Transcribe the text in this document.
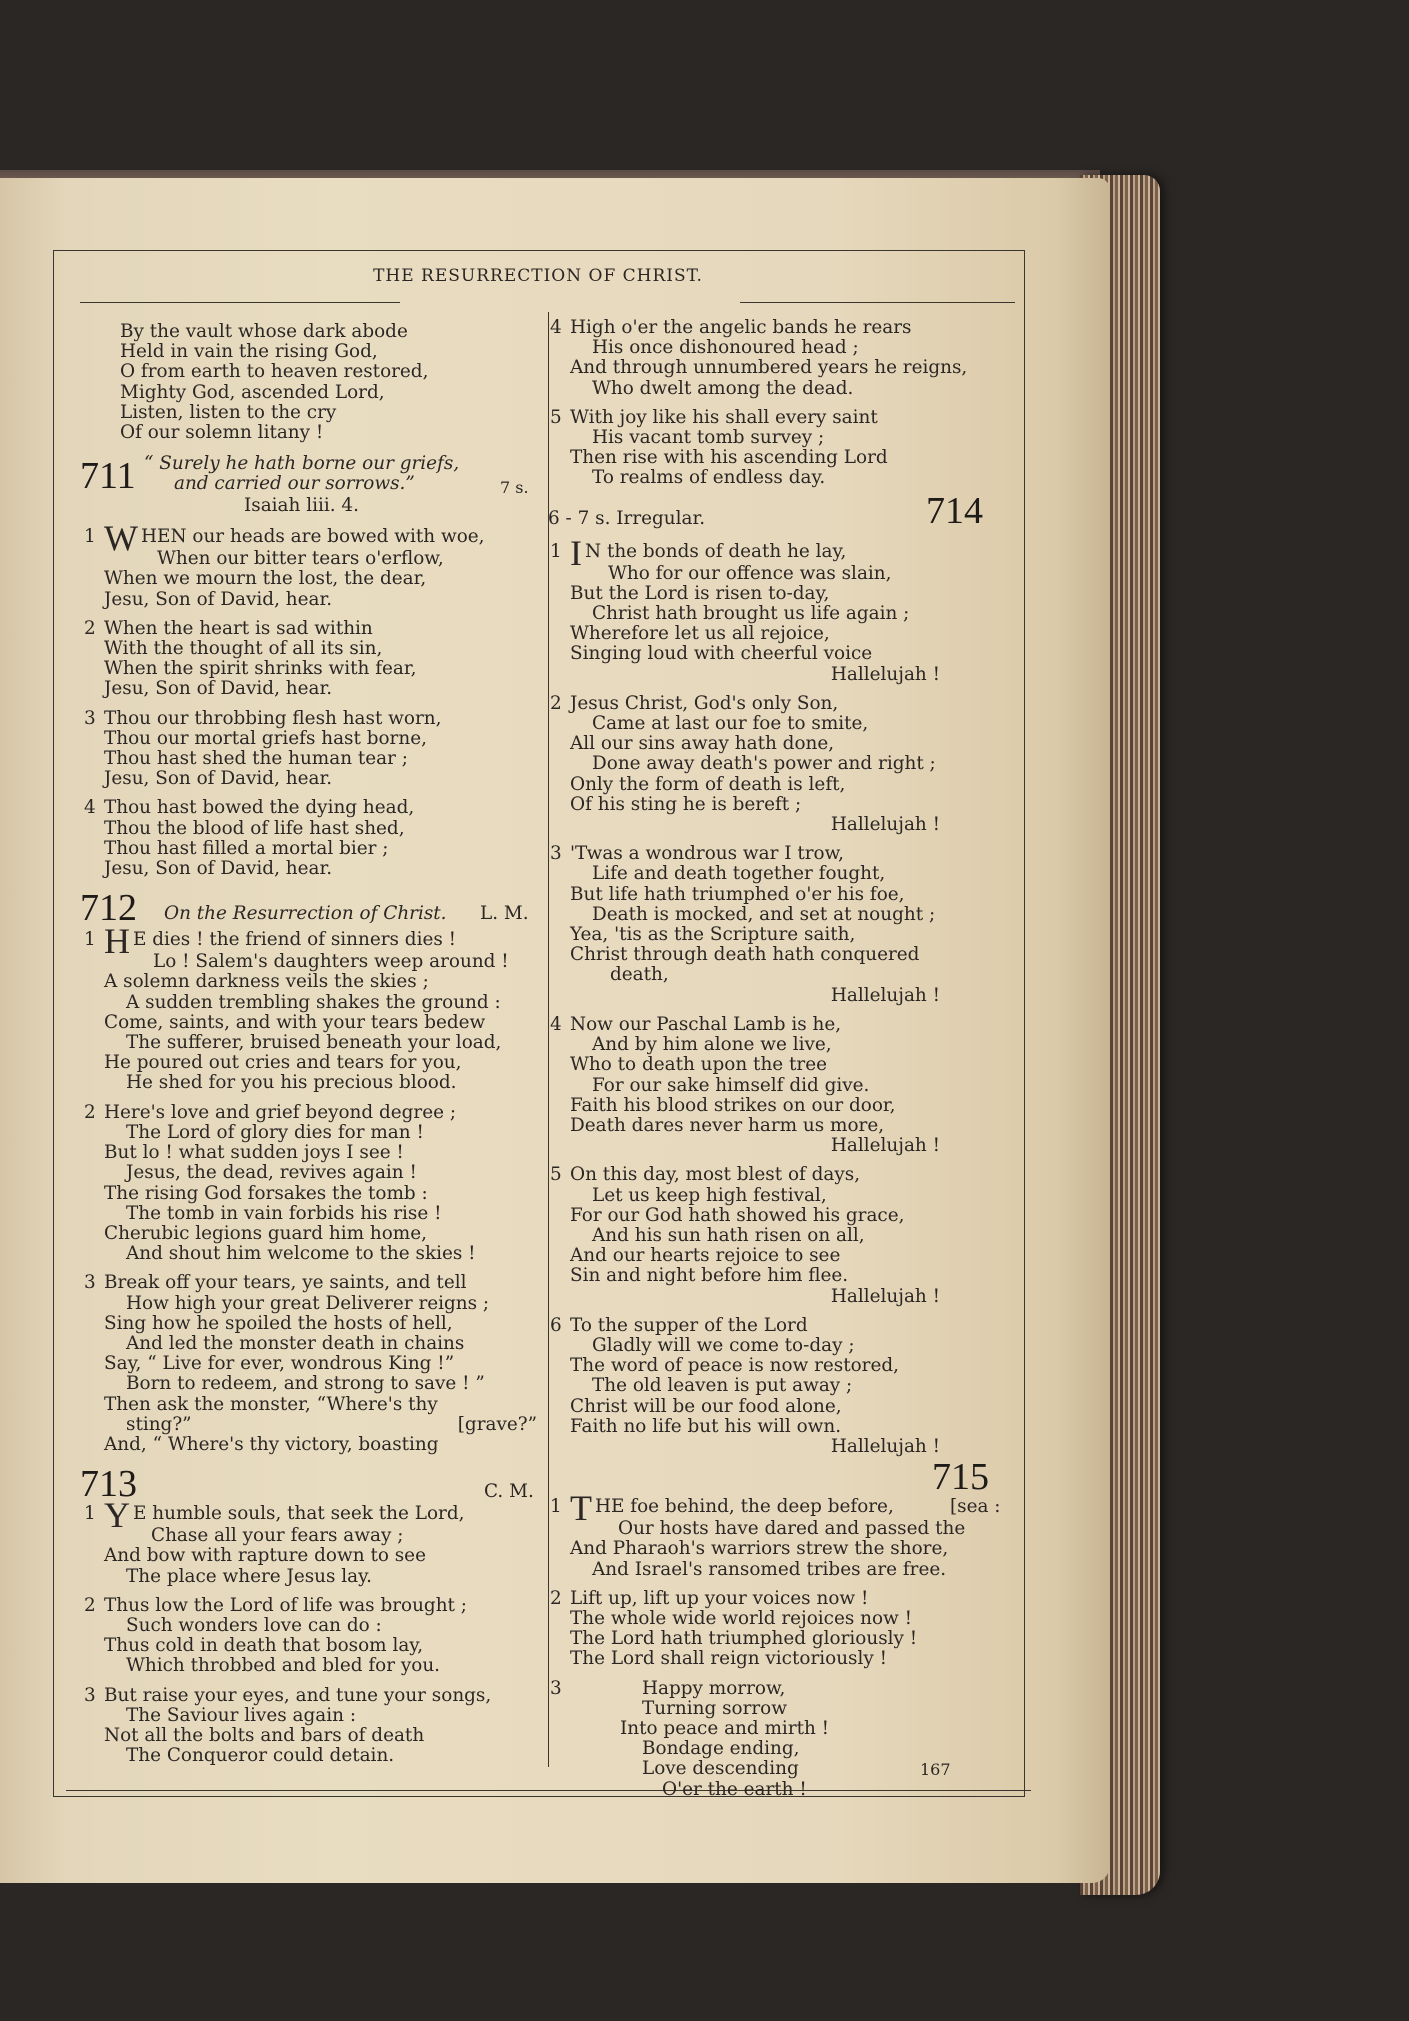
THE RESURRECTION OF CHRIST.
By the vault whose dark abode
Held in vain the rising God,
O from earth to heaven restored,
Mighty God, ascended Lord,
Listen, listen to the cry
Of our solemn litany !
711 “ Surely he hath borne our griefs,
and carried our sorrows.”	7 s.
Isaiah liii. 4.
1 W HEN our heads are bowed with woe,
When our bitter tears o'erflow,
When we mourn the lost, the dear,
Jesu, Son of David, hear.
2 When the heart is sad within
With the thought of all its sin,
When the spirit shrinks with fear,
Jesu, Son of David, hear.
3 Thou our throbbing flesh hast worn,
Thou our mortal griefs hast borne,
Thou hast shed the human tear ;
Jesu, Son of David, hear.
4 Thou hast bowed the dying head,
Thou the blood of life hast shed,
Thou hast filled a mortal bier ;
Jesu, Son of David, hear.
712 On the Resurrection of Christ. L. M.
1 H E dies ! the friend of sinners dies !
Lo ! Salem's daughters weep around !
A solemn darkness veils the skies ;
A sudden trembling shakes the ground :
Come, saints, and with your tears bedew
The sufferer, bruised beneath your load,
He poured out cries and tears for you,
He shed for you his precious blood.
2 Here's love and grief beyond degree ;
The Lord of glory dies for man !
But lo ! what sudden joys I see !
Jesus, the dead, revives again !
The rising God forsakes the tomb :
The tomb in vain forbids his rise !
Cherubic legions guard him home,
And shout him welcome to the skies !
3 Break off your tears, ye saints, and tell
How high your great Deliverer reigns ;
Sing how he spoiled the hosts of hell,
And led the monster death in chains
Say, “ Live for ever, wondrous King !”
Born to redeem, and strong to save ! ”
Then ask the monster, “Where's thy
sting?”	[grave?”
And, “ Where's thy victory, boasting
713	C. M.
1 Y E humble souls, that seek the Lord,
Chase all your fears away ;
And bow with rapture down to see
The place where Jesus lay.
2 Thus low the Lord of life was brought ;
Such wonders love can do :
Thus cold in death that bosom lay,
Which throbbed and bled for you.
3 But raise your eyes, and tune your songs,
The Saviour lives again :
Not all the bolts and bars of death
The Conqueror could detain.
4 High o'er the angelic bands he rears
His once dishonoured head ;
And through unnumbered years he reigns,
Who dwelt among the dead.
5 With joy like his shall every saint
His vacant tomb survey ;
Then rise with his ascending Lord
To realms of endless day.
6 - 7 s. Irregular.	714
1 I N the bonds of death he lay,
Who for our offence was slain,
But the Lord is risen to-day,
Christ hath brought us life again ;
Wherefore let us all rejoice,
Singing loud with cheerful voice
Hallelujah !
2 Jesus Christ, God's only Son,
Came at last our foe to smite,
All our sins away hath done,
Done away death's power and right ;
Only the form of death is left,
Of his sting he is bereft ;
Hallelujah !
3 'Twas a wondrous war I trow,
Life and death together fought,
But life hath triumphed o'er his foe,
Death is mocked, and set at nought ;
Yea, 'tis as the Scripture saith,
Christ through death hath conquered
death,
Hallelujah !
4 Now our Paschal Lamb is he,
And by him alone we live,
Who to death upon the tree
For our sake himself did give.
Faith his blood strikes on our door,
Death dares never harm us more,
Hallelujah !
5 On this day, most blest of days,
Let us keep high festival,
For our God hath showed his grace,
And his sun hath risen on all,
And our hearts rejoice to see
Sin and night before him flee.
Hallelujah !
6 To the supper of the Lord
Gladly will we come to-day ;
The word of peace is now restored,
The old leaven is put away ;
Christ will be our food alone,
Faith no life but his will own.
Hallelujah !
715
1 T HE foe behind, the deep before,	[sea :
Our hosts have dared and passed the
And Pharaoh's warriors strew the shore,
And Israel's ransomed tribes are free.
2 Lift up, lift up your voices now !
The whole wide world rejoices now !
The Lord hath triumphed gloriously !
The Lord shall reign victoriously !
3	Happy morrow,
Turning sorrow
Into peace and mirth !
Bondage ending,
Love descending
O'er the earth !
167
